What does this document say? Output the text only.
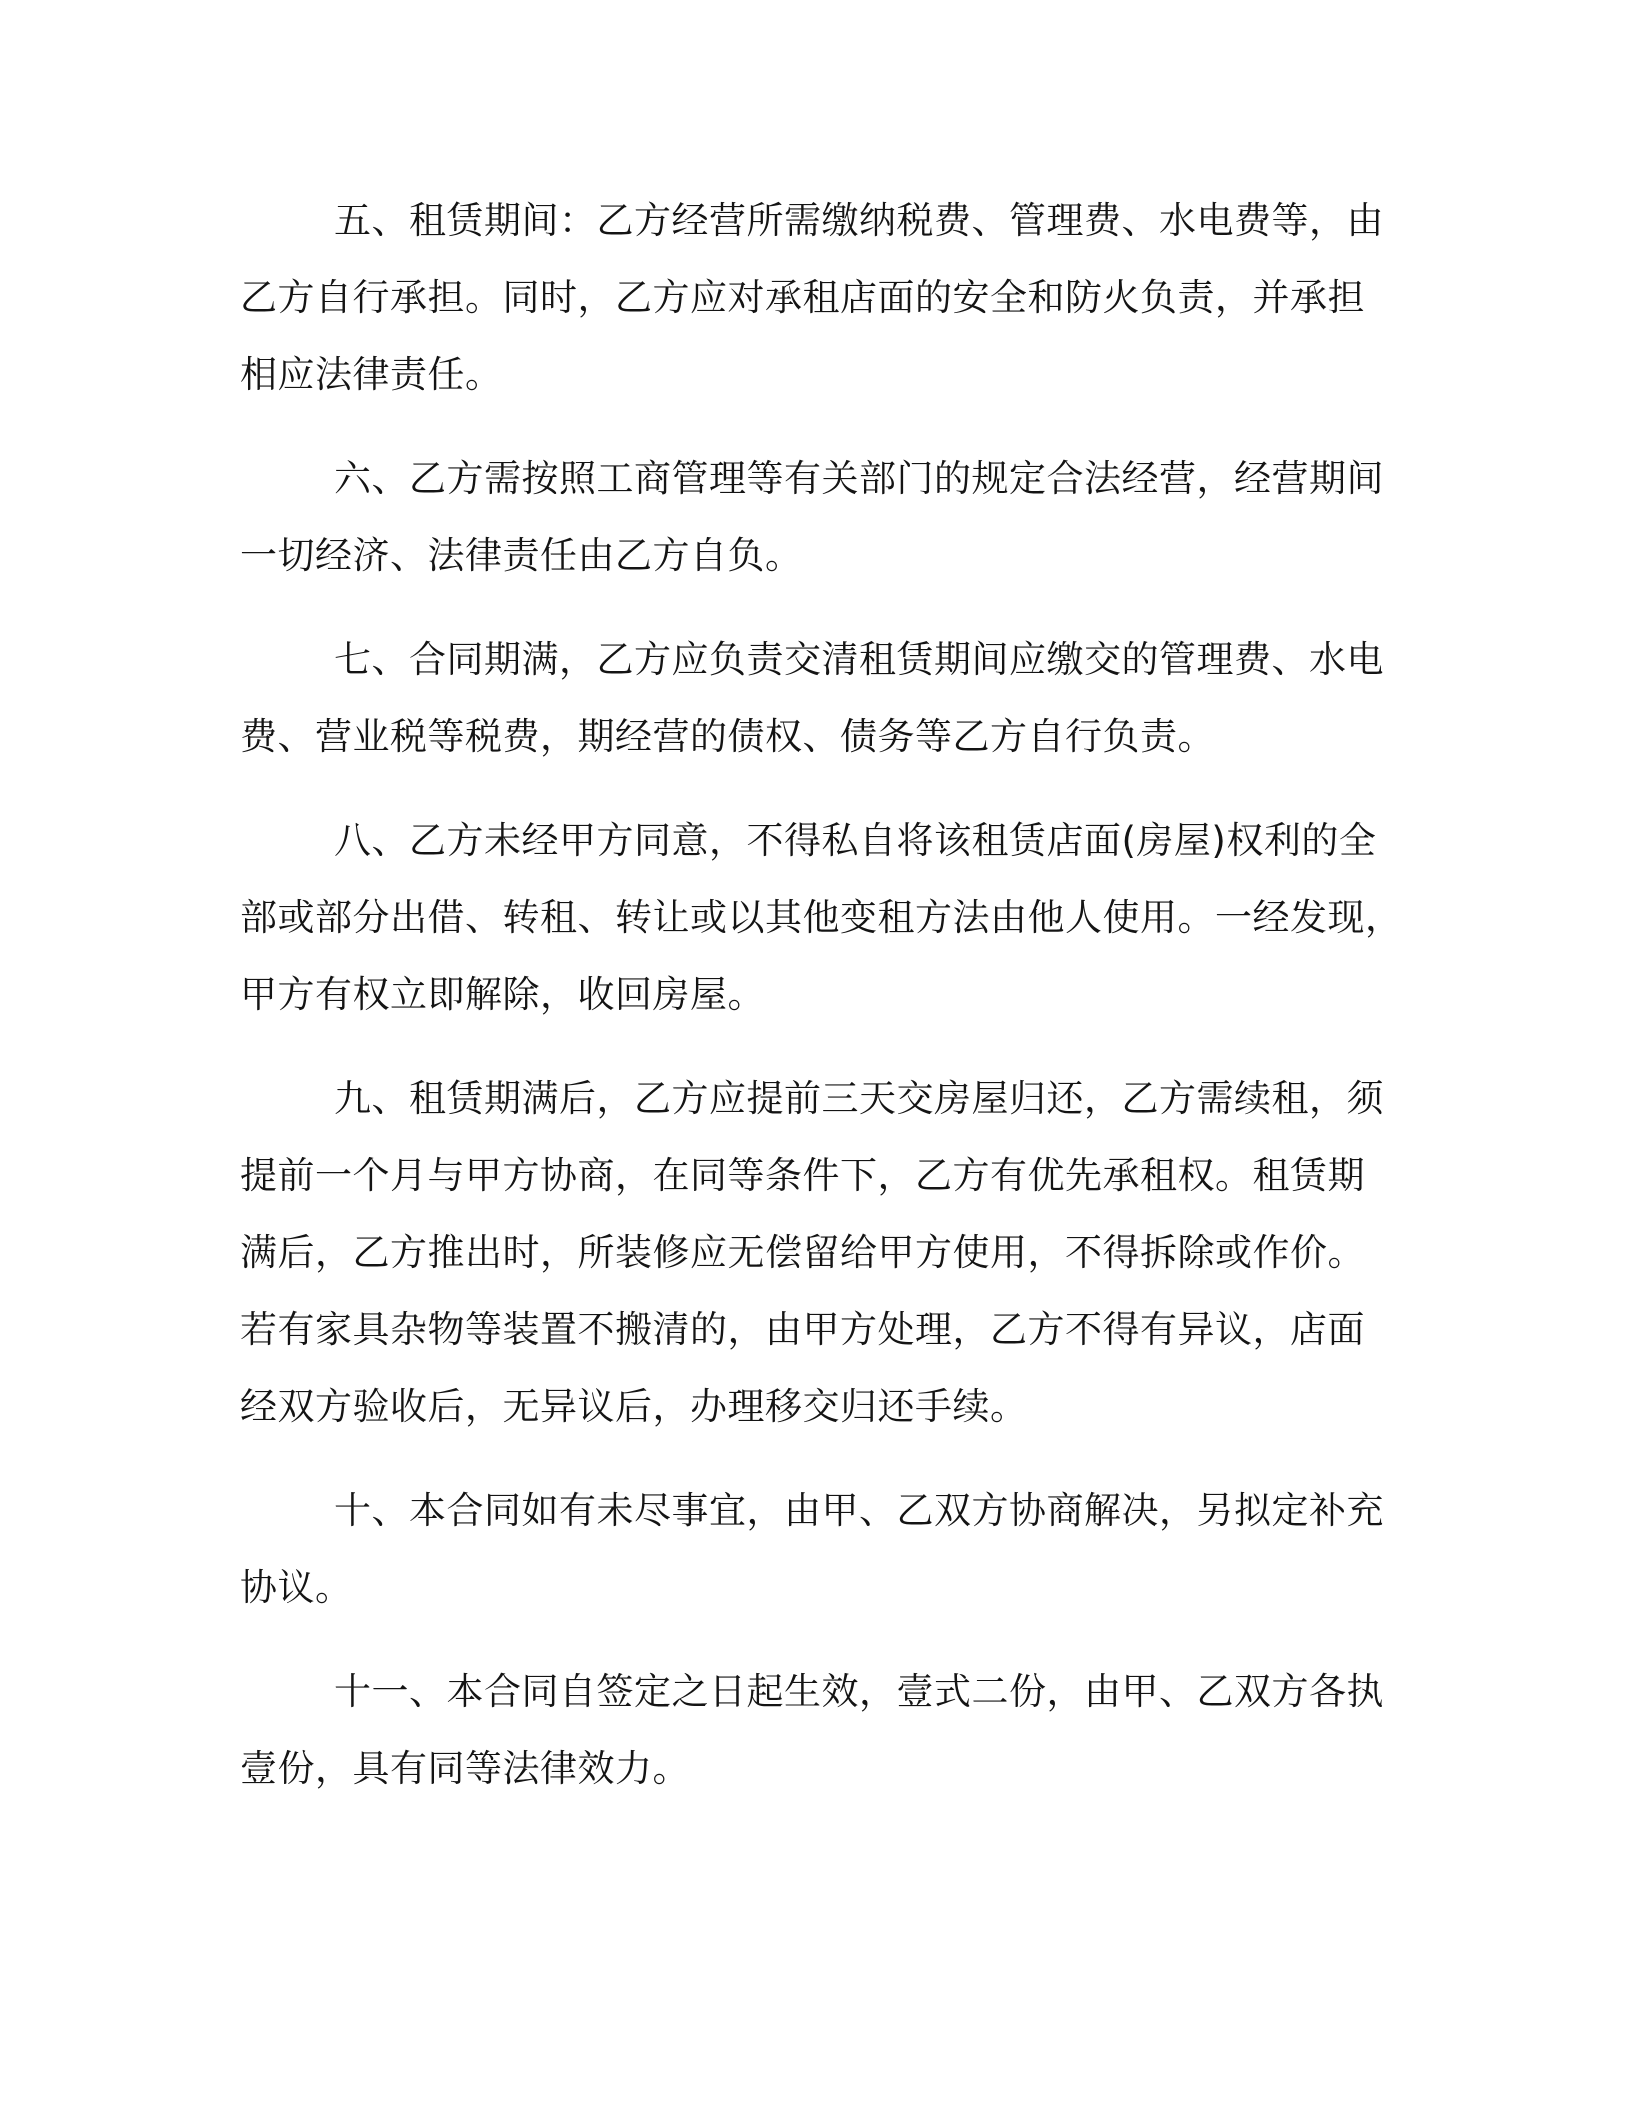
五、租赁期间：乙方经营所需缴纳税费、管理费、水电费等，由
乙方自行承担。同时，乙方应对承租店面的安全和防火负责，并承担
相应法律责任。
六、乙方需按照工商管理等有关部门的规定合法经营，经营期间
一切经济、法律责任由乙方自负。
七、合同期满，乙方应负责交清租赁期间应缴交的管理费、水电
费、营业税等税费，期经营的债权、债务等乙方自行负责。
八、乙方未经甲方同意，不得私自将该租赁店面(房屋)权利的全
部或部分出借、转租、转让或以其他变租方法由他人使用。一经发现，
甲方有权立即解除，收回房屋。
九、租赁期满后，乙方应提前三天交房屋归还，乙方需续租，须
提前一个月与甲方协商，在同等条件下，乙方有优先承租权。租赁期
满后，乙方推出时，所装修应无偿留给甲方使用，不得拆除或作价。
若有家具杂物等装置不搬清的，由甲方处理，乙方不得有异议，店面
经双方验收后，无异议后，办理移交归还手续。
十、本合同如有未尽事宜，由甲、乙双方协商解决，另拟定补充
协议。
十一、本合同自签定之日起生效，壹式二份，由甲、乙双方各执
壹份，具有同等法律效力。
